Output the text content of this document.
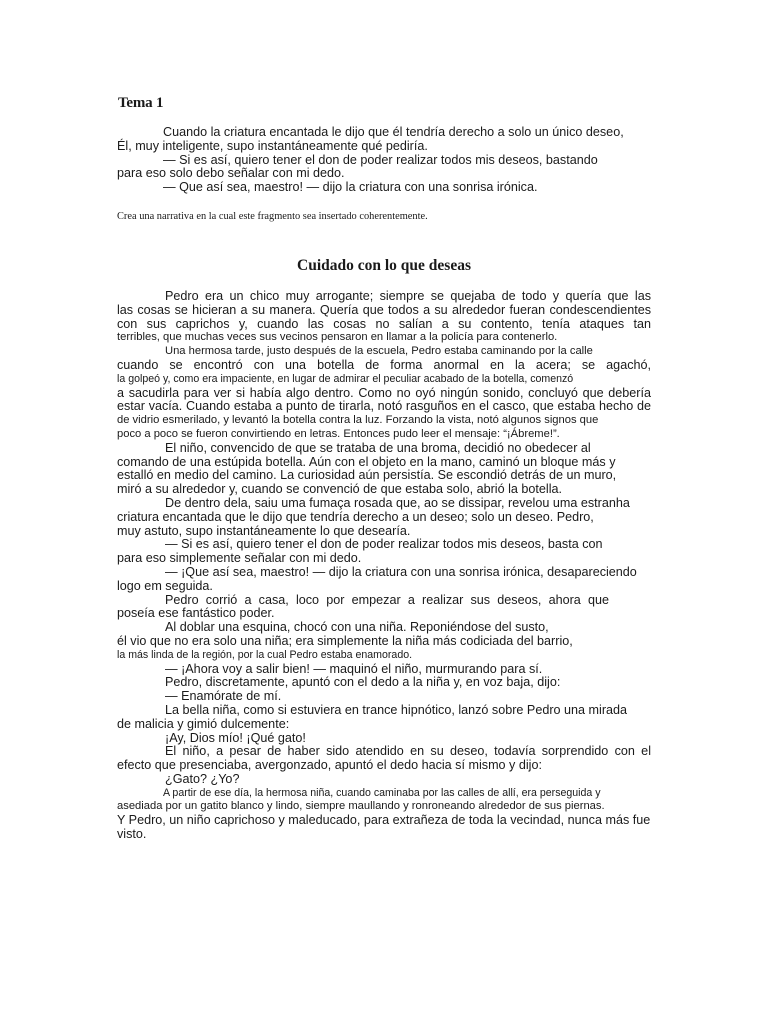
Tema 1
Cuando la criatura encantada le dijo que él tendría derecho a solo un único deseo,
Él, muy inteligente, supo instantáneamente qué pediría.
— Si es así, quiero tener el don de poder realizar todos mis deseos, bastando
para eso solo debo señalar con mi dedo.
— Que así sea, maestro! — dijo la criatura con una sonrisa irónica.
Crea una narrativa en la cual este fragmento sea insertado coherentemente.
Cuidado con lo que deseas
Pedro era un chico muy arrogante; siempre se quejaba de todo y quería que las
las cosas se hicieran a su manera. Quería que todos a su alrededor fueran condescendientes
con sus caprichos y, cuando las cosas no salían a su contento, tenía ataques tan
terribles, que muchas veces sus vecinos pensaron en llamar a la policía para contenerlo.
Una hermosa tarde, justo después de la escuela, Pedro estaba caminando por la calle
cuando se encontró con una botella de forma anormal en la acera; se agachó,
la golpeó y, como era impaciente, en lugar de admirar el peculiar acabado de la botella, comenzó
a sacudirla para ver si había algo dentro. Como no oyó ningún sonido, concluyó que debería
estar vacía. Cuando estaba a punto de tirarla, notó rasguños en el casco, que estaba hecho de
de vidrio esmerilado, y levantó la botella contra la luz. Forzando la vista, notó algunos signos que
poco a poco se fueron convirtiendo en letras. Entonces pudo leer el mensaje: “¡Ábreme!”.
El niño, convencido de que se trataba de una broma, decidió no obedecer al
comando de una estúpida botella. Aún con el objeto en la mano, caminó un bloque más y
estalló en medio del camino. La curiosidad aún persistía. Se escondió detrás de un muro,
miró a su alrededor y, cuando se convenció de que estaba solo, abrió la botella.
De dentro dela, saiu uma fumaça rosada que, ao se dissipar, revelou uma estranha
criatura encantada que le dijo que tendría derecho a un deseo; solo un deseo. Pedro,
muy astuto, supo instantáneamente lo que desearía.
— Si es así, quiero tener el don de poder realizar todos mis deseos, basta con
para eso simplemente señalar con mi dedo.
— ¡Que así sea, maestro! — dijo la criatura con una sonrisa irónica, desapareciendo
logo em seguida.
Pedro corrió a casa, loco por empezar a realizar sus deseos, ahora que
poseía ese fantástico poder.
Al doblar una esquina, chocó con una niña. Reponiéndose del susto,
él vio que no era solo una niña; era simplemente la niña más codiciada del barrio,
la más linda de la región, por la cual Pedro estaba enamorado.
— ¡Ahora voy a salir bien! — maquinó el niño, murmurando para sí.
Pedro, discretamente, apuntó con el dedo a la niña y, en voz baja, dijo:
— Enamórate de mí.
La bella niña, como si estuviera en trance hipnótico, lanzó sobre Pedro una mirada
de malicia y gimió dulcemente:
¡Ay, Dios mío! ¡Qué gato!
El niño, a pesar de haber sido atendido en su deseo, todavía sorprendido con el
efecto que presenciaba, avergonzado, apuntó el dedo hacia sí mismo y dijo:
¿Gato? ¿Yo?
A partir de ese día, la hermosa niña, cuando caminaba por las calles de allí, era perseguida y
asediada por un gatito blanco y lindo, siempre maullando y ronroneando alrededor de sus piernas.
Y Pedro, un niño caprichoso y maleducado, para extrañeza de toda la vecindad, nunca más fue
visto.
